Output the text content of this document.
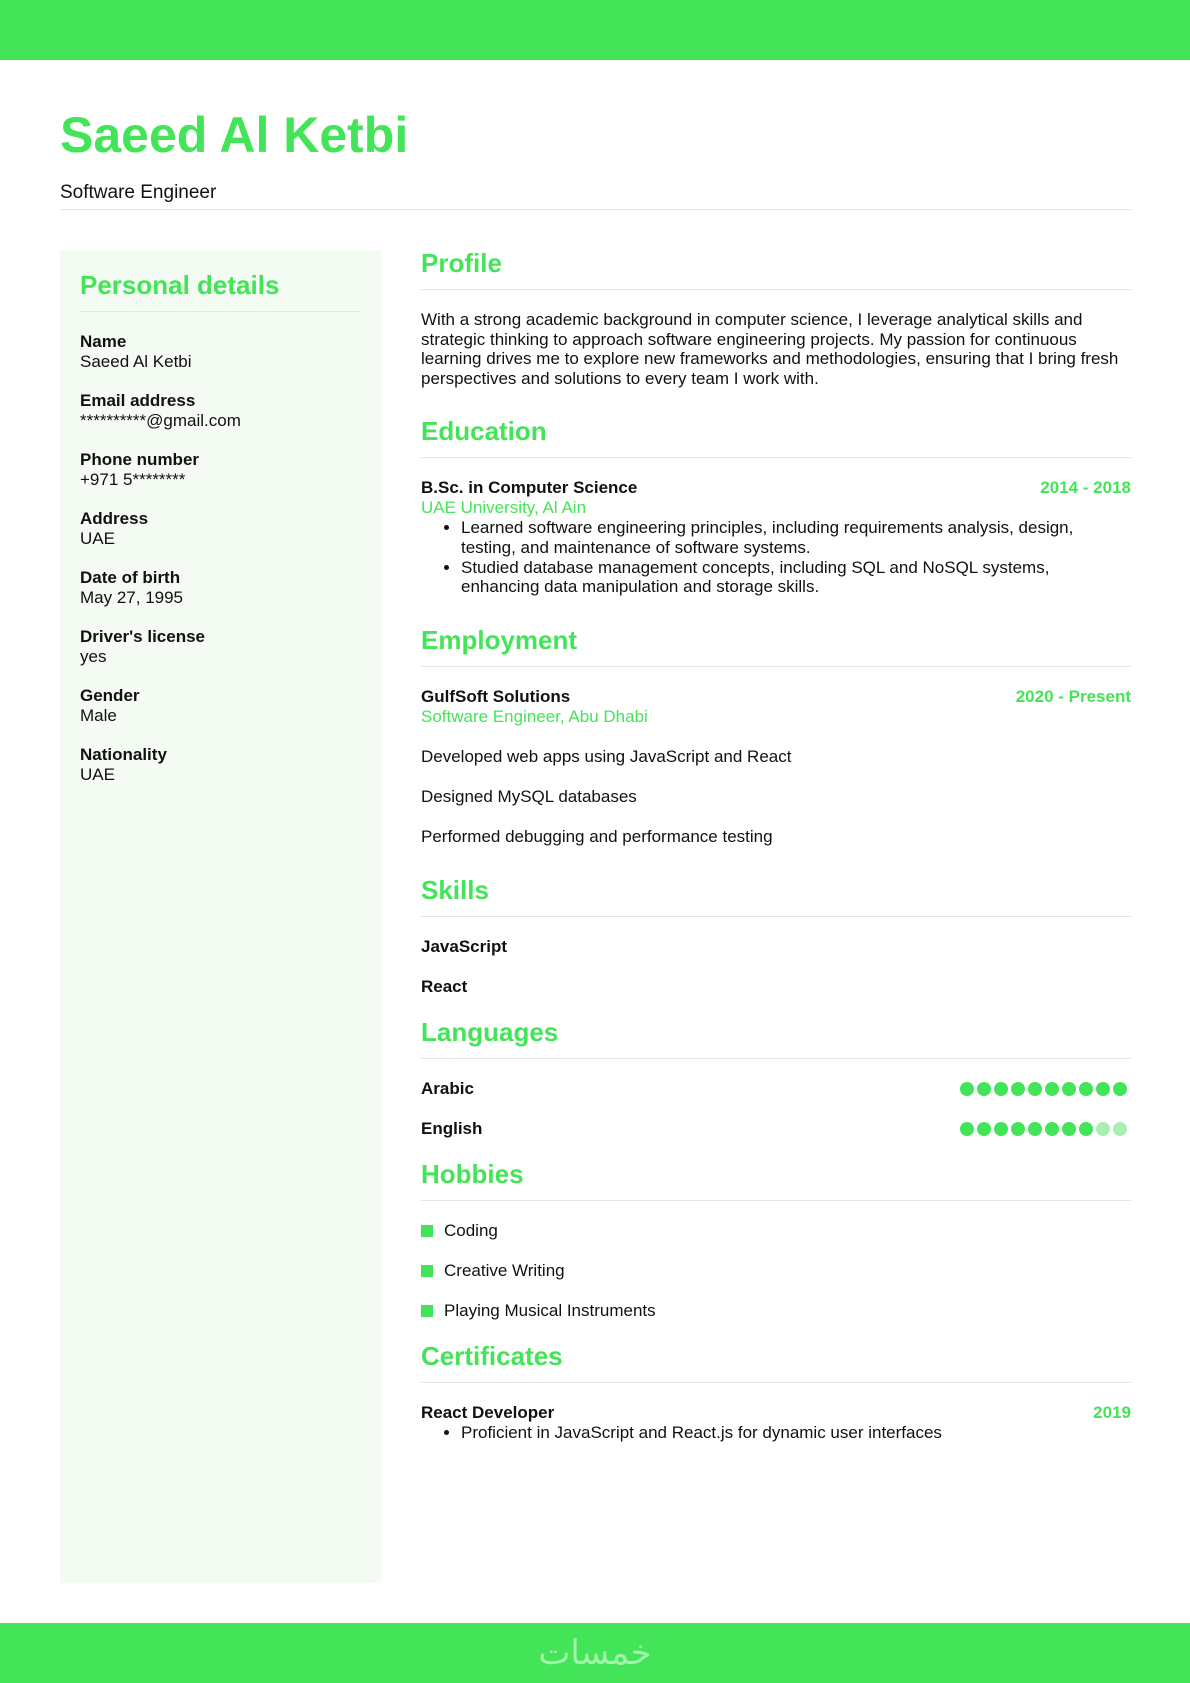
Saeed Al Ketbi
Software Engineer
Personal details
Name
Saeed Al Ketbi
Email address
**********@gmail.com
Phone number
+971 5********
Address
UAE
Date of birth
May 27, 1995
Driver's license
yes
Gender
Male
Nationality
UAE
Profile
With a strong academic background in computer science, I leverage analytical skills and strategic thinking to approach software engineering projects. My passion for continuous learning drives me to explore new frameworks and methodologies, ensuring that I bring fresh perspectives and solutions to every team I work with.
Education
B.Sc. in Computer Science	2014 - 2018
UAE University, Al Ain
• Learned software engineering principles, including requirements analysis, design, testing, and maintenance of software systems.
• Studied database management concepts, including SQL and NoSQL systems, enhancing data manipulation and storage skills.
Employment
GulfSoft Solutions	2020 - Present
Software Engineer, Abu Dhabi
Developed web apps using JavaScript and React
Designed MySQL databases
Performed debugging and performance testing
Skills
JavaScript
React
Languages
Arabic
English
Hobbies
Coding
Creative Writing
Playing Musical Instruments
Certificates
React Developer	2019
• Proficient in JavaScript and React.js for dynamic user interfaces
خمسات
